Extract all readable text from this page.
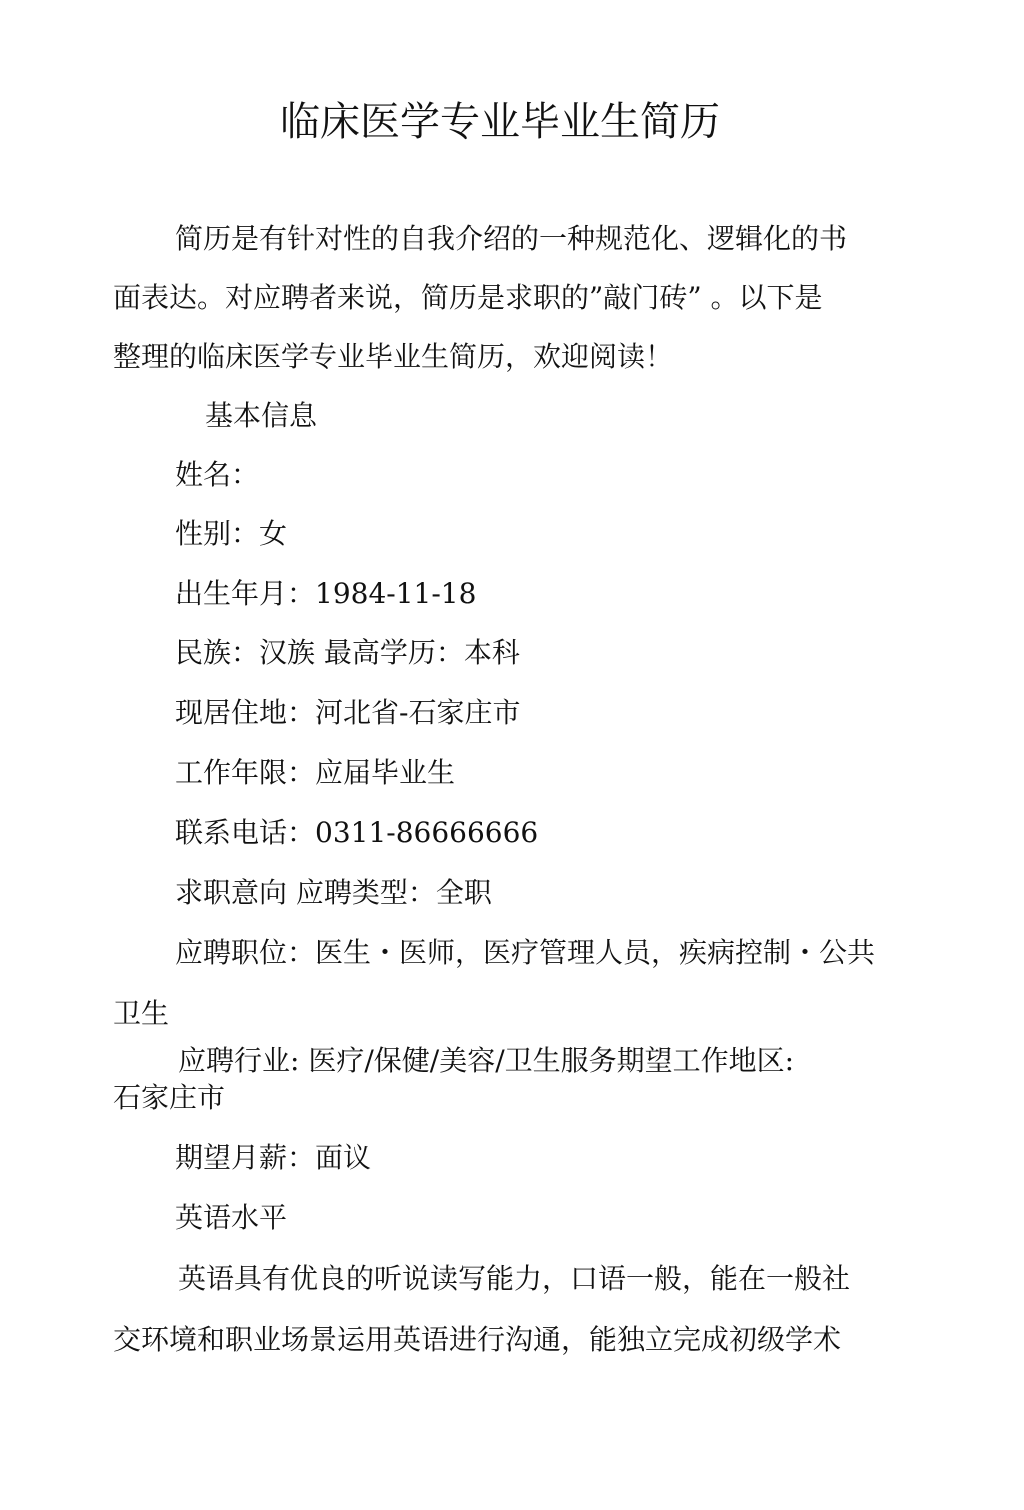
临床医学专业毕业生简历

简历是有针对性的自我介绍的一种规范化、逻辑化的书

面表达。对应聘者来说，简历是求职的”敲门砖” 。以下是

整理的临床医学专业毕业生简历，欢迎阅读！

基本信息

姓名：

性别：女

出生年月：1984-11-18

民族：汉族 最高学历：本科

现居住地：河北省-石家庄市

工作年限：应届毕业生

联系电话：0311-86666666

求职意向 应聘类型：全职

应聘职位：医生・医师，医疗管理人员，疾病控制・公共

卫生

应聘行业: 医疗/保健/美容/卫生服务期望工作地区:

石家庄市

期望月薪：面议

英语水平

英语具有优良的听说读写能力，口语一般，能在一般社

交环境和职业场景运用英语进行沟通，能独立完成初级学术
